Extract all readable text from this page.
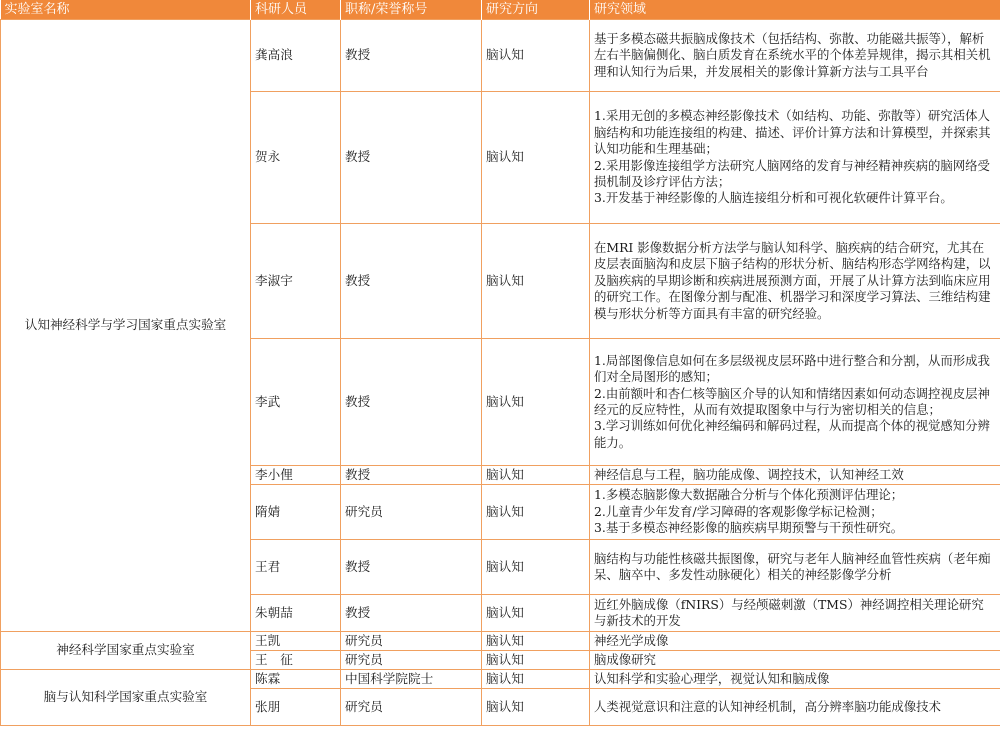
实验室名称	科研人员	职称/荣誉称号	研究方向	研究领域
认知神经科学与学习国家重点实验室	龚高浪	教授	脑认知	基于多模态磁共振脑成像技术（包括结构、弥散、功能磁共振等），解析左右半脑偏侧化、脑白质发育在系统水平的个体差异规律，揭示其相关机理和认知行为后果，并发展相关的影像计算新方法与工具平台

	贺永	教授	脑认知	1.采用无创的多模态神经影像技术（如结构、功能、弥散等）研究活体人脑结构和功能连接组的构建、描述、评价计算方法和计算模型，并探索其认知功能和生理基础；
2.采用影像连接组学方法研究人脑网络的发育与神经精神疾病的脑网络受损机制及诊疗评估方法；
3.开发基于神经影像的人脑连接组分析和可视化软硬件计算平台。

	李淑宇	教授	脑认知	在MRI 影像数据分析方法学与脑认知科学、脑疾病的结合研究，尤其在皮层表面脑沟和皮层下脑子结构的形状分析、脑结构形态学网络构建，以及脑疾病的早期诊断和疾病进展预测方面，开展了从计算方法到临床应用的研究工作。在图像分割与配准、机器学习和深度学习算法、三维结构建模与形状分析等方面具有丰富的研究经验。

	李武	教授	脑认知	1.局部图像信息如何在多层级视皮层环路中进行整合和分割，从而形成我们对全局图形的感知；
2.由前额叶和杏仁核等脑区介导的认知和情绪因素如何动态调控视皮层神经元的反应特性，从而有效提取图象中与行为密切相关的信息；
3.学习训练如何优化神经编码和解码过程，从而提高个体的视觉感知分辨能力。

	李小俚	教授	脑认知	神经信息与工程，脑功能成像、调控技术，认知神经工效

	隋婧	研究员	脑认知	1.多模态脑影像大数据融合分析与个体化预测评估理论；
2.儿童青少年发育/学习障碍的客观影像学标记检测；
3.基于多模态神经影像的脑疾病早期预警与干预性研究。

	王君	教授	脑认知	脑结构与功能性核磁共振图像，研究与老年人脑神经血管性疾病（老年痴呆、脑卒中、多发性动脉硬化）相关的神经影像学分析

	朱朝喆	教授	脑认知	近红外脑成像（fNIRS）与经颅磁刺激（TMS）神经调控相关理论研究与新技术的开发

神经科学国家重点实验室	王凯	研究员	脑认知	神经光学成像

	王　征	研究员	脑认知	脑成像研究

脑与认知科学国家重点实验室	陈霖	中国科学院院士	脑认知	认知科学和实验心理学，视觉认知和脑成像

	张朋	研究员	脑认知	人类视觉意识和注意的认知神经机制，高分辨率脑功能成像技术
